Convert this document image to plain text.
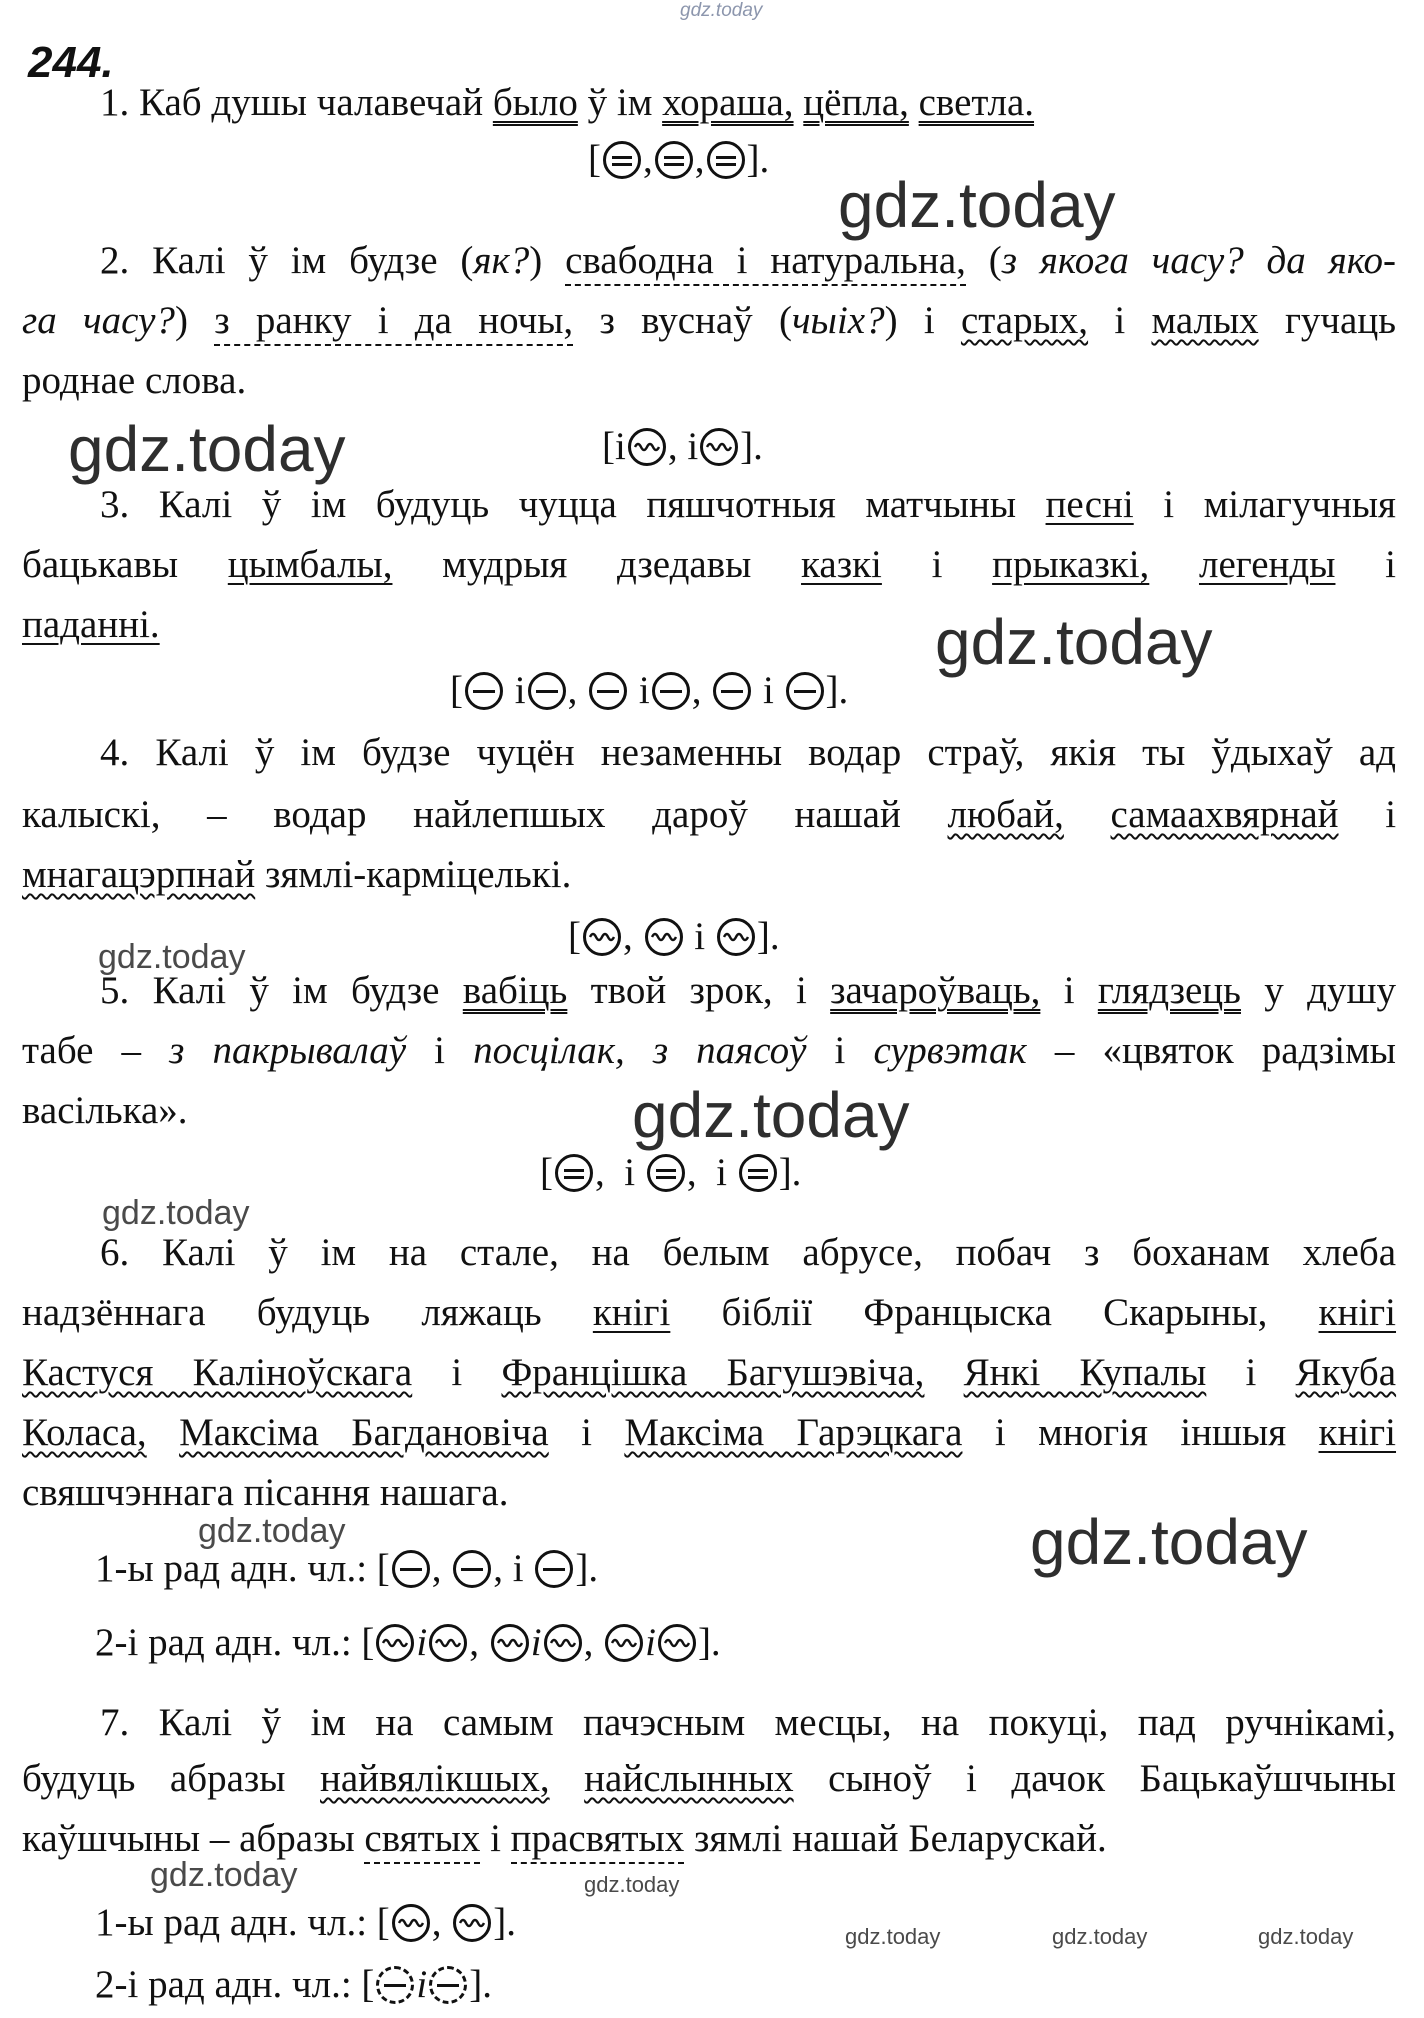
gdz.today
244.
1. Каб душы чалавечай было ў ім хораша, цёпла, светла.
[ ,
, ].
2. Калі ў ім будзе (як?) свабодна і натуральна, (з якога часу? да яко-
га часу?) з ранку і да ночы, з вуснаў (чыіх?) і старых, і малых гучаць
роднае слова.
[і , і ].
3. Калі ў ім будуць чуцца пяшчотныя матчыны песні і мілагучныя
бацькавы цымбалы, мудрыя дзедавы казкі і прыказкі, легенды і
паданні.
[
і ,

і ,

і
].
4. Калі ў ім будзе чуцён незаменны водар страў, якія ты ўдыхаў ад
калыскі, – водар найлепшых дароў нашай любай, самаахвярнай і
мнагацэрпнай зямлі-карміцелькі.
[ ,

і
].
5. Калі ў ім будзе вабіць твой зрок, і зачароўваць, і глядзець у душу
табе – з пакрывалаў і посцілак, з паясоў і сурвэтак – «цвяток радзімы
васілька».
[ ,
і
,
і
].
6. Калі ў ім на стале, на белым абрусе, побач з боханам хлеба
надзённага будуць ляжаць кнігі біблії Францыска Скарыны, кнігі
Кастуся Каліноўскага і Францішка Багушэвіча, Янкі Купалы і Якуба
Коласа, Максіма Багдановіча і Максіма Гарэцкага і многія іншыя кнігі
свяшчэннага пісання нашага.
1-ы рад адн. чл.: [ ,
,
і
].
2-і рад адн. чл.: [ і ,
і ,
і ].
7. Калі ў ім на самым пачэсным месцы, на покуці, пад ручнікамі,
будуць абразы найвялікшых, найслынных сыноў і дачок Бацькаўшчыны
каўшчыны – абразы святых і прасвятых зямлі нашай Беларускай.
1-ы рад адн. чл.: [ ,
].
2-і рад адн. чл.: [ і ].
gdz.today
gdz.today
gdz.today
gdz.today
gdz.today
gdz.today
gdz.today	gdz.today
gdz.today	gdz.today
gdz.today	gdz.today	gdz.today
